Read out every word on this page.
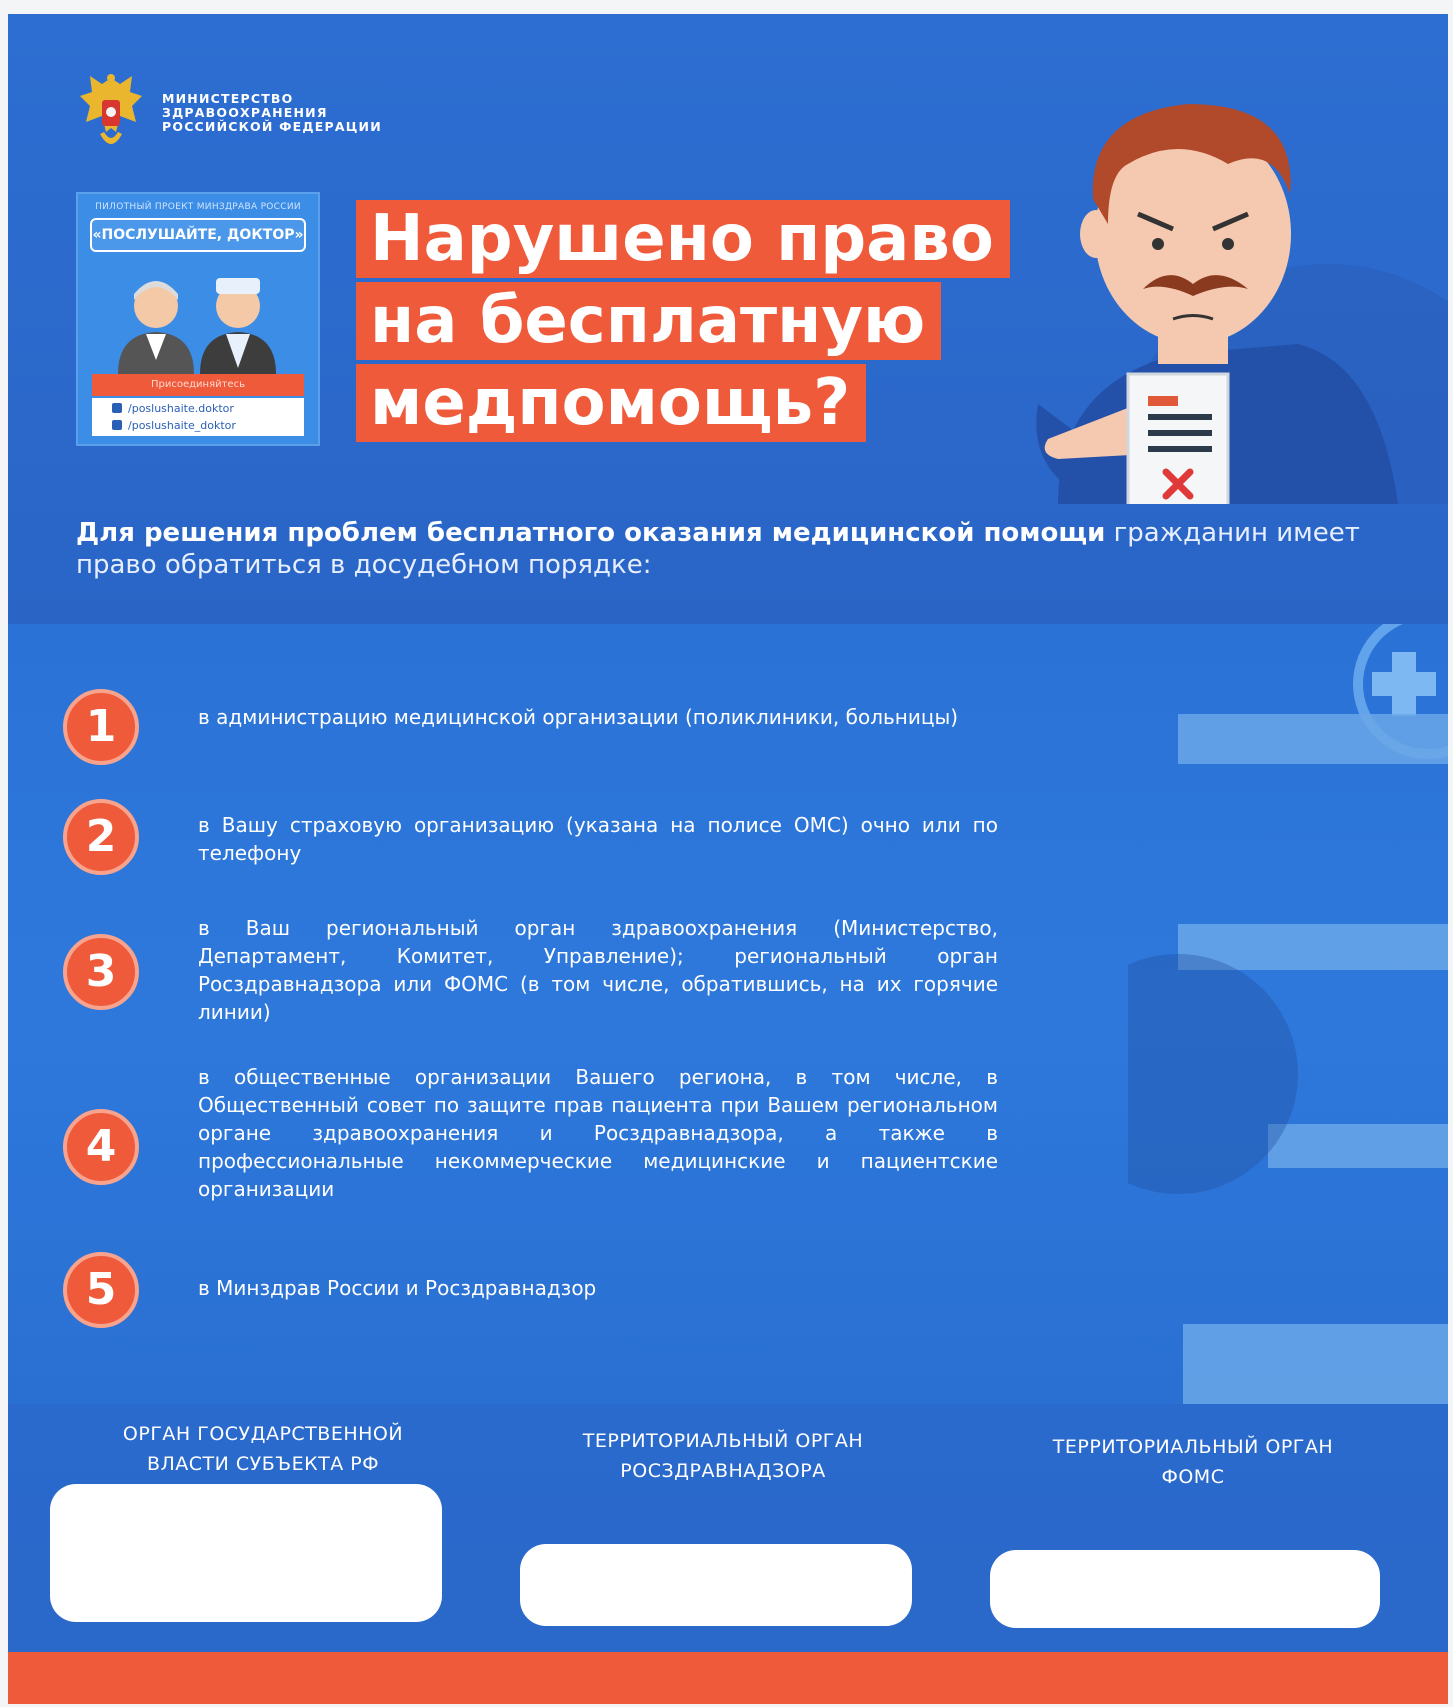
МИНИСТЕРСТВО
ЗДРАВООХРАНЕНИЯ
РОССИЙСКОЙ ФЕДЕРАЦИИ
ПИЛОТНЫЙ ПРОЕКТ МИНЗДРАВА РОССИИ
«ПОСЛУШАЙТЕ, ДОКТОР»
Присоединяйтесь
/poslushaite.doktor
/poslushaite_doktor
Нарушено право
на бесплатную
медпомощь?
Для решения проблем бесплатного оказания медицинской помощи гражданин имеет право обратиться в досудебном порядке:
1	в администрацию медицинской организации (поликлиники, больницы)
2	в Вашу страховую организацию (указана на полисе ОМС) очно или по телефону
3
в Ваш региональный орган здравоохранения (Министерство, Департамент, Комитет, Управление); региональный орган Росздравнадзора или ФОМС (в том числе, обратившись, на их горячие линии)
4
в общественные организации Вашего региона, в том числе, в Общественный совет по защите прав пациента при Вашем региональном органе здравоохранения и Росздравнадзора, а также в профессиональные некоммерческие медицинские и пациентские организации
5	в Минздрав России и Росздравнадзор
ОРГАН ГОСУДАРСТВЕННОЙ
ВЛАСТИ СУБЪЕКТА РФ
ТЕРРИТОРИАЛЬНЫЙ ОРГАН
РОСЗДРАВНАДЗОРА
ТЕРРИТОРИАЛЬНЫЙ ОРГАН
ФОМС
